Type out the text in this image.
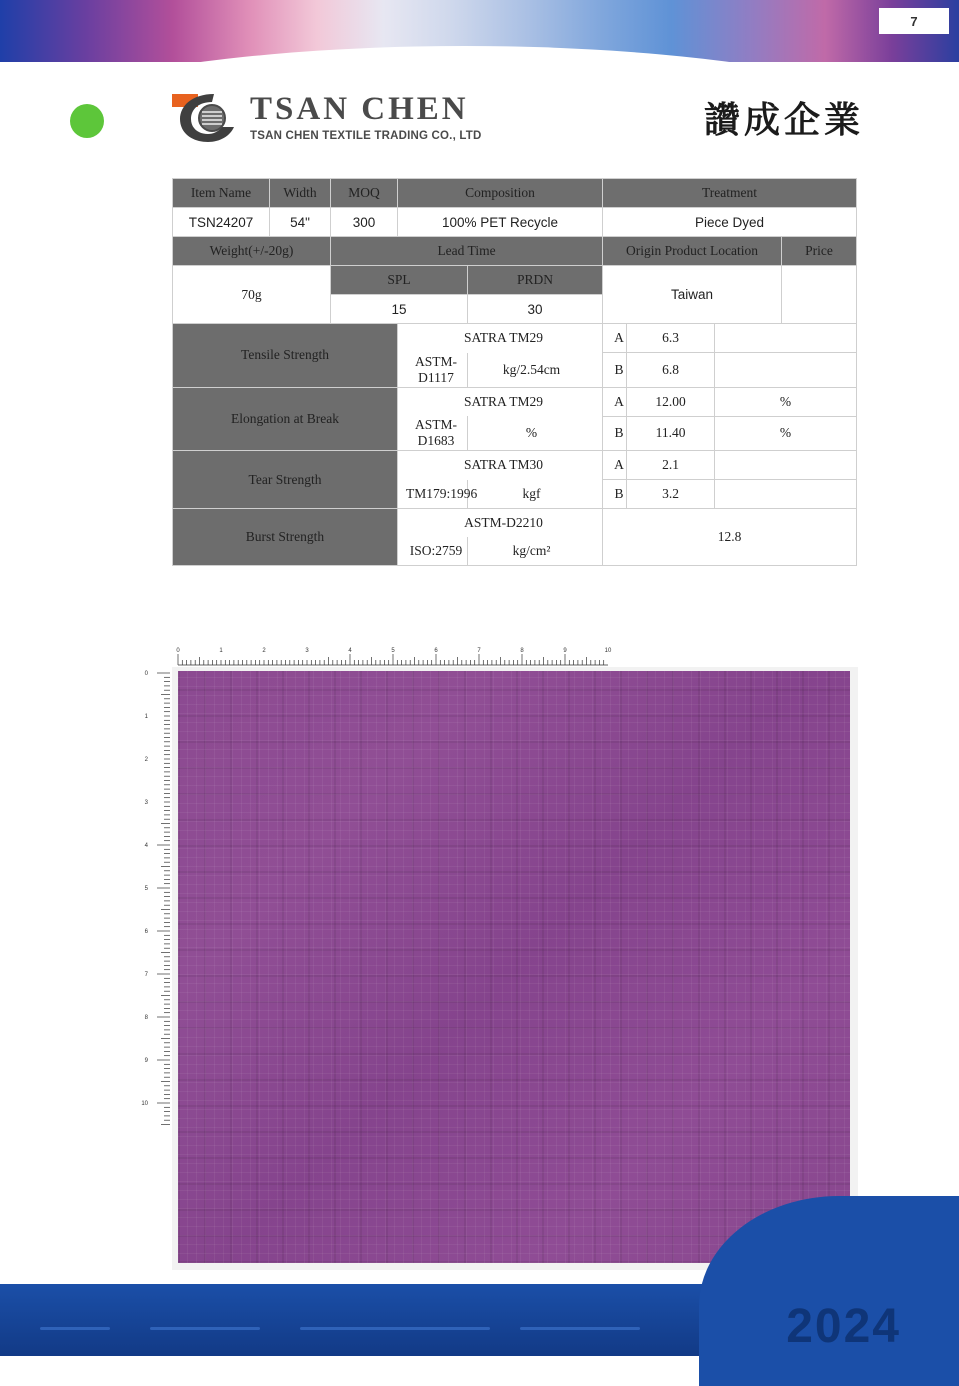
7
TSAN CHEN
TSAN CHEN TEXTILE TRADING CO., LTD	讚成企業
Item Name	Width	MOQ	Composition		Treatment			
TSN24207	54"	300	100% PET Recycle		Piece Dyed			
Weight(+/-20g)		Lead Time			Origin Product Location			Price
70g		SPL		PRDN	Taiwan			
		15		30				
Tensile Strength			SATRA TM29		A	6.3		
			ASTM-D1117	kg/2.54cm	B	6.8		
Elongation at Break			SATRA TM29		A	12.00	%	
			ASTM-D1683	%	B	11.40	%	
Tear Strength			SATRA TM30		A	2.1		
			TM179:1996	kgf	B	3.2		
Burst Strength			ASTM-D2210		12.8			
			ISO:2759	kg/cm²				
0	1	2	3	4	5	6	7	8	9	10
0
1
2
3
4
5
6
7
8
9
10
2024
